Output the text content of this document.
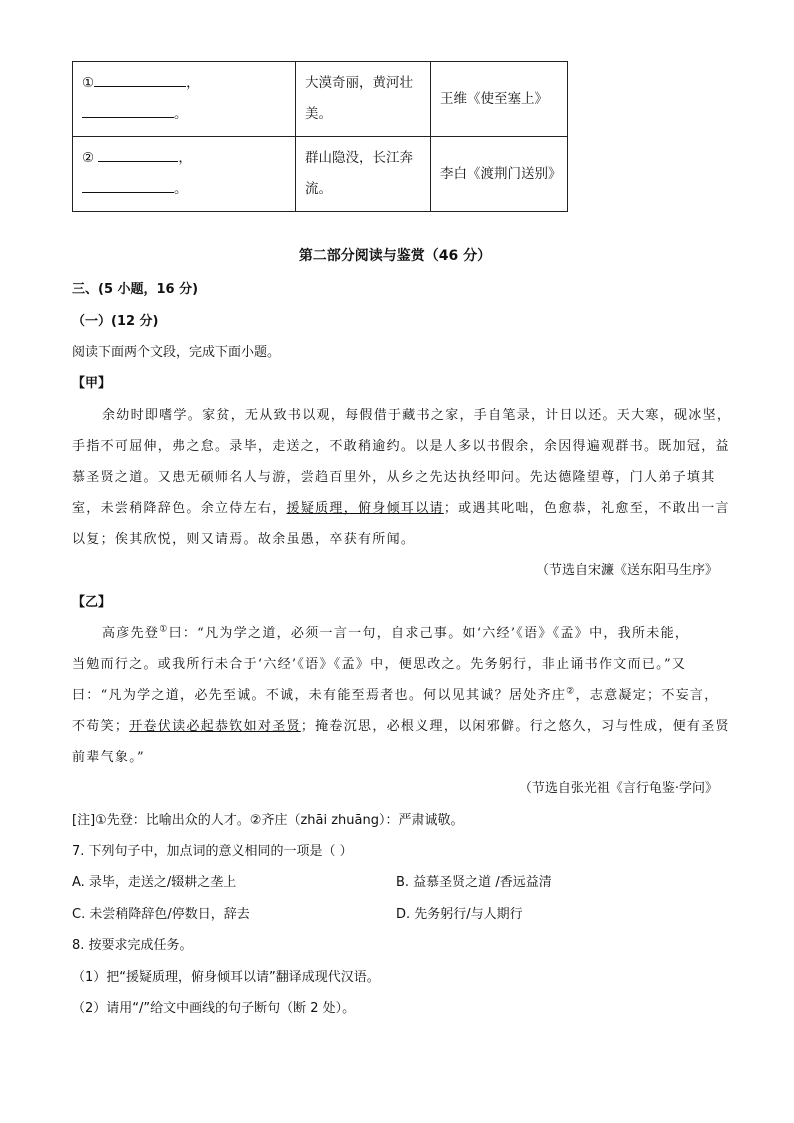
① ，
。	大漠奇丽，黄河壮美。	王维《使至塞上》
② ，
。	群山隐没，长江奔流。	李白《渡荆门送别》
第二部分阅读与鉴赏（46 分）
三、(5 小题，16 分)
（一）(12 分)
阅读下面两个文段，完成下面小题。
【甲】
余幼时即嗜学。家贫，无从致书以观，每假借于藏书之家，手自笔录，计日以还。天大寒，砚冰坚，
手指不可屈伸，弗之怠。录毕，走送之，不敢稍逾约。以是人多以书假余，余因得遍观群书。既加冠，益
慕圣贤之道。又患无硕师名人与游，尝趋百里外，从乡之先达执经叩问。先达德隆望尊，门人弟子填其
室，未尝稍降辞色。余立侍左右，援疑质理，俯身倾耳以请；或遇其叱咄，色愈恭，礼愈至，不敢出一言
以复；俟其欣悦，则又请焉。故余虽愚，卒获有所闻。
（节选自宋濂《送东阳马生序》
【乙】
高彦先登①曰：“凡为学之道，必须一言一句，自求己事。如‘六经’《语》《孟》中，我所未能，
当勉而行之。或我所行未合于‘六经’《语》《孟》中，便思改之。先务躬行，非止诵书作文而已。”又
曰：“凡为学之道，必先至诚。不诚，未有能至焉者也。何以见其诚？居处齐庄②，志意凝定；不妄言，
不苟笑；开卷伏读必起恭钦如对圣贤；掩卷沉思，必根义理，以闲邪僻。行之悠久，习与性成，便有圣贤
前辈气象。”
（节选自张光祖《言行龟鉴·学问》
[注]①先登：比喻出众的人才。②齐庄（zhāi zhuāng）：严肃诚敬。
7. 下列句子中，加点词的意义相同的一项是（ ）
A. 录毕，走送之/辍耕之垄上	B. 益慕圣贤之道 /香远益清
C. 未尝稍降辞色/停数日，辞去	D. 先务躬行/与人期行
8. 按要求完成任务。
（1）把“援疑质理，俯身倾耳以请”翻译成现代汉语。
（2）请用“/”给文中画线的句子断句（断 2 处）。
